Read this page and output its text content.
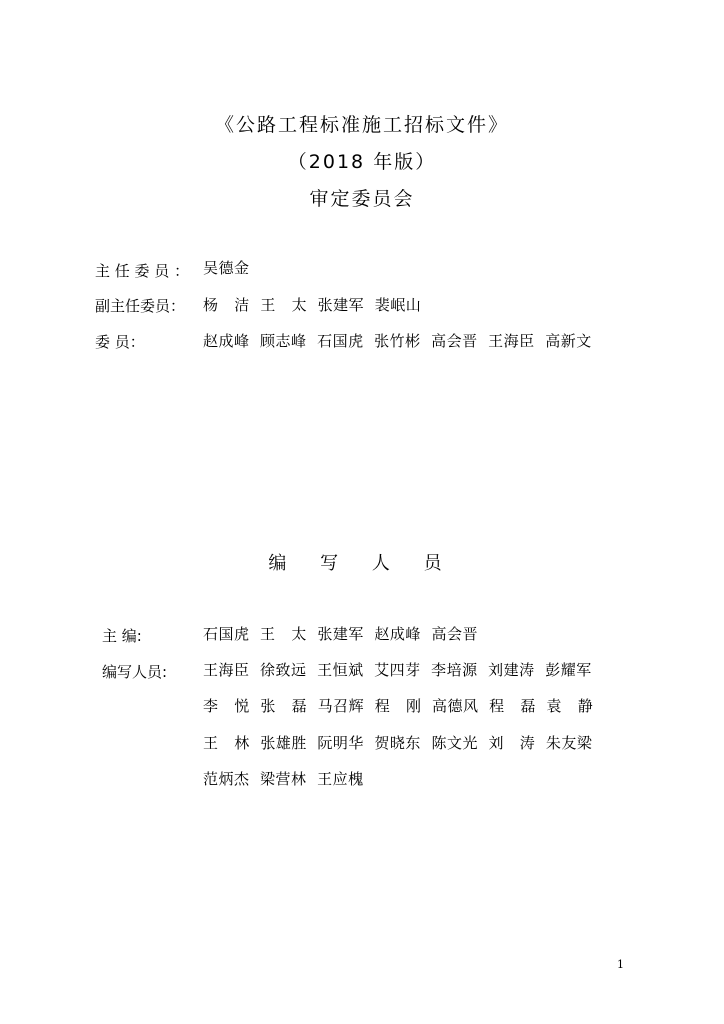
《公路工程标准施工招标文件》
（2018 年版）
审定委员会
主 任 委 员 ： 吴德金
副主任委员： 杨   洁  王   太  张建军  裴岷山
委 员：	赵成峰  顾志峰  石国虎  张竹彬  高会晋  王海臣  高新文
编 写 人 员
主 编:	石国虎  王   太  张建军  赵成峰  高会晋
编写人员: 王海臣  徐致远  王恒斌  艾四芽  李培源  刘建涛  彭耀军
李   悦  张   磊  马召辉  程   刚  高德风  程   磊  袁   静
王   林  张雄胜  阮明华  贺晓东  陈文光  刘   涛  朱友梁
范炳杰  梁营林  王应槐
1
